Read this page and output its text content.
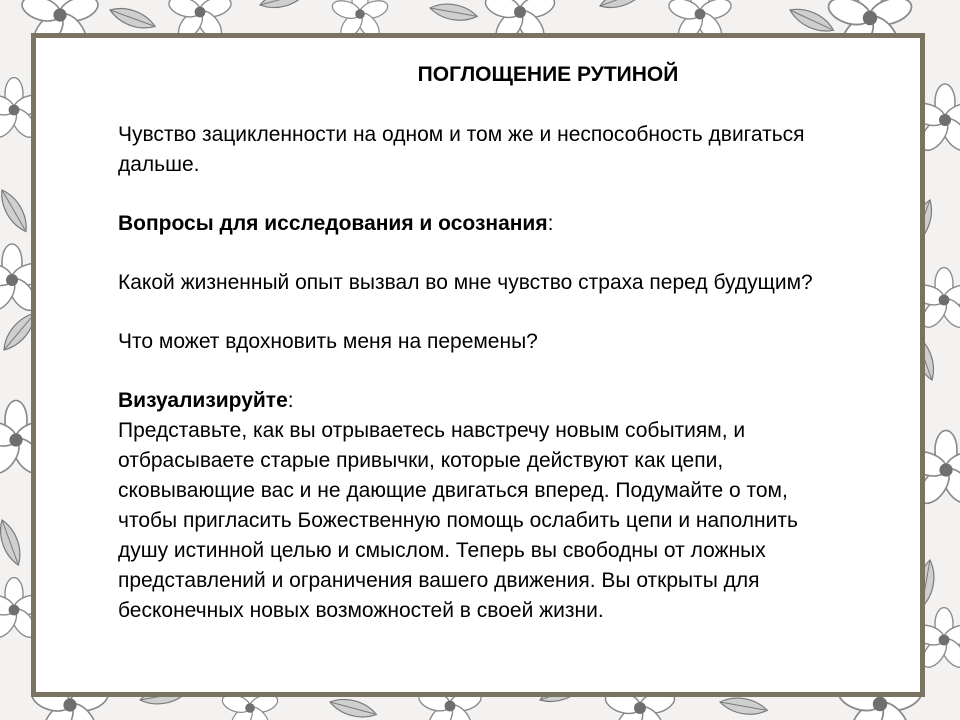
ПОГЛОЩЕНИЕ РУТИНОЙ

Чувство зацикленности на одном и том же и неспособность двигаться дальше.

Вопросы для исследования и осознания:

Какой жизненный опыт вызвал во мне чувство страха перед будущим?

Что может вдохновить меня на перемены?

Визуализируйте:

Представьте, как вы отрываетесь навстречу новым событиям, и отбрасываете старые привычки, которые действуют как цепи, сковывающие вас и не дающие двигаться вперед. Подумайте о том, чтобы пригласить Божественную помощь ослабить цепи и наполнить душу истинной целью и смыслом. Теперь вы свободны от ложных представлений и ограничения вашего движения. Вы открыты для бесконечных новых возможностей в своей жизни.
